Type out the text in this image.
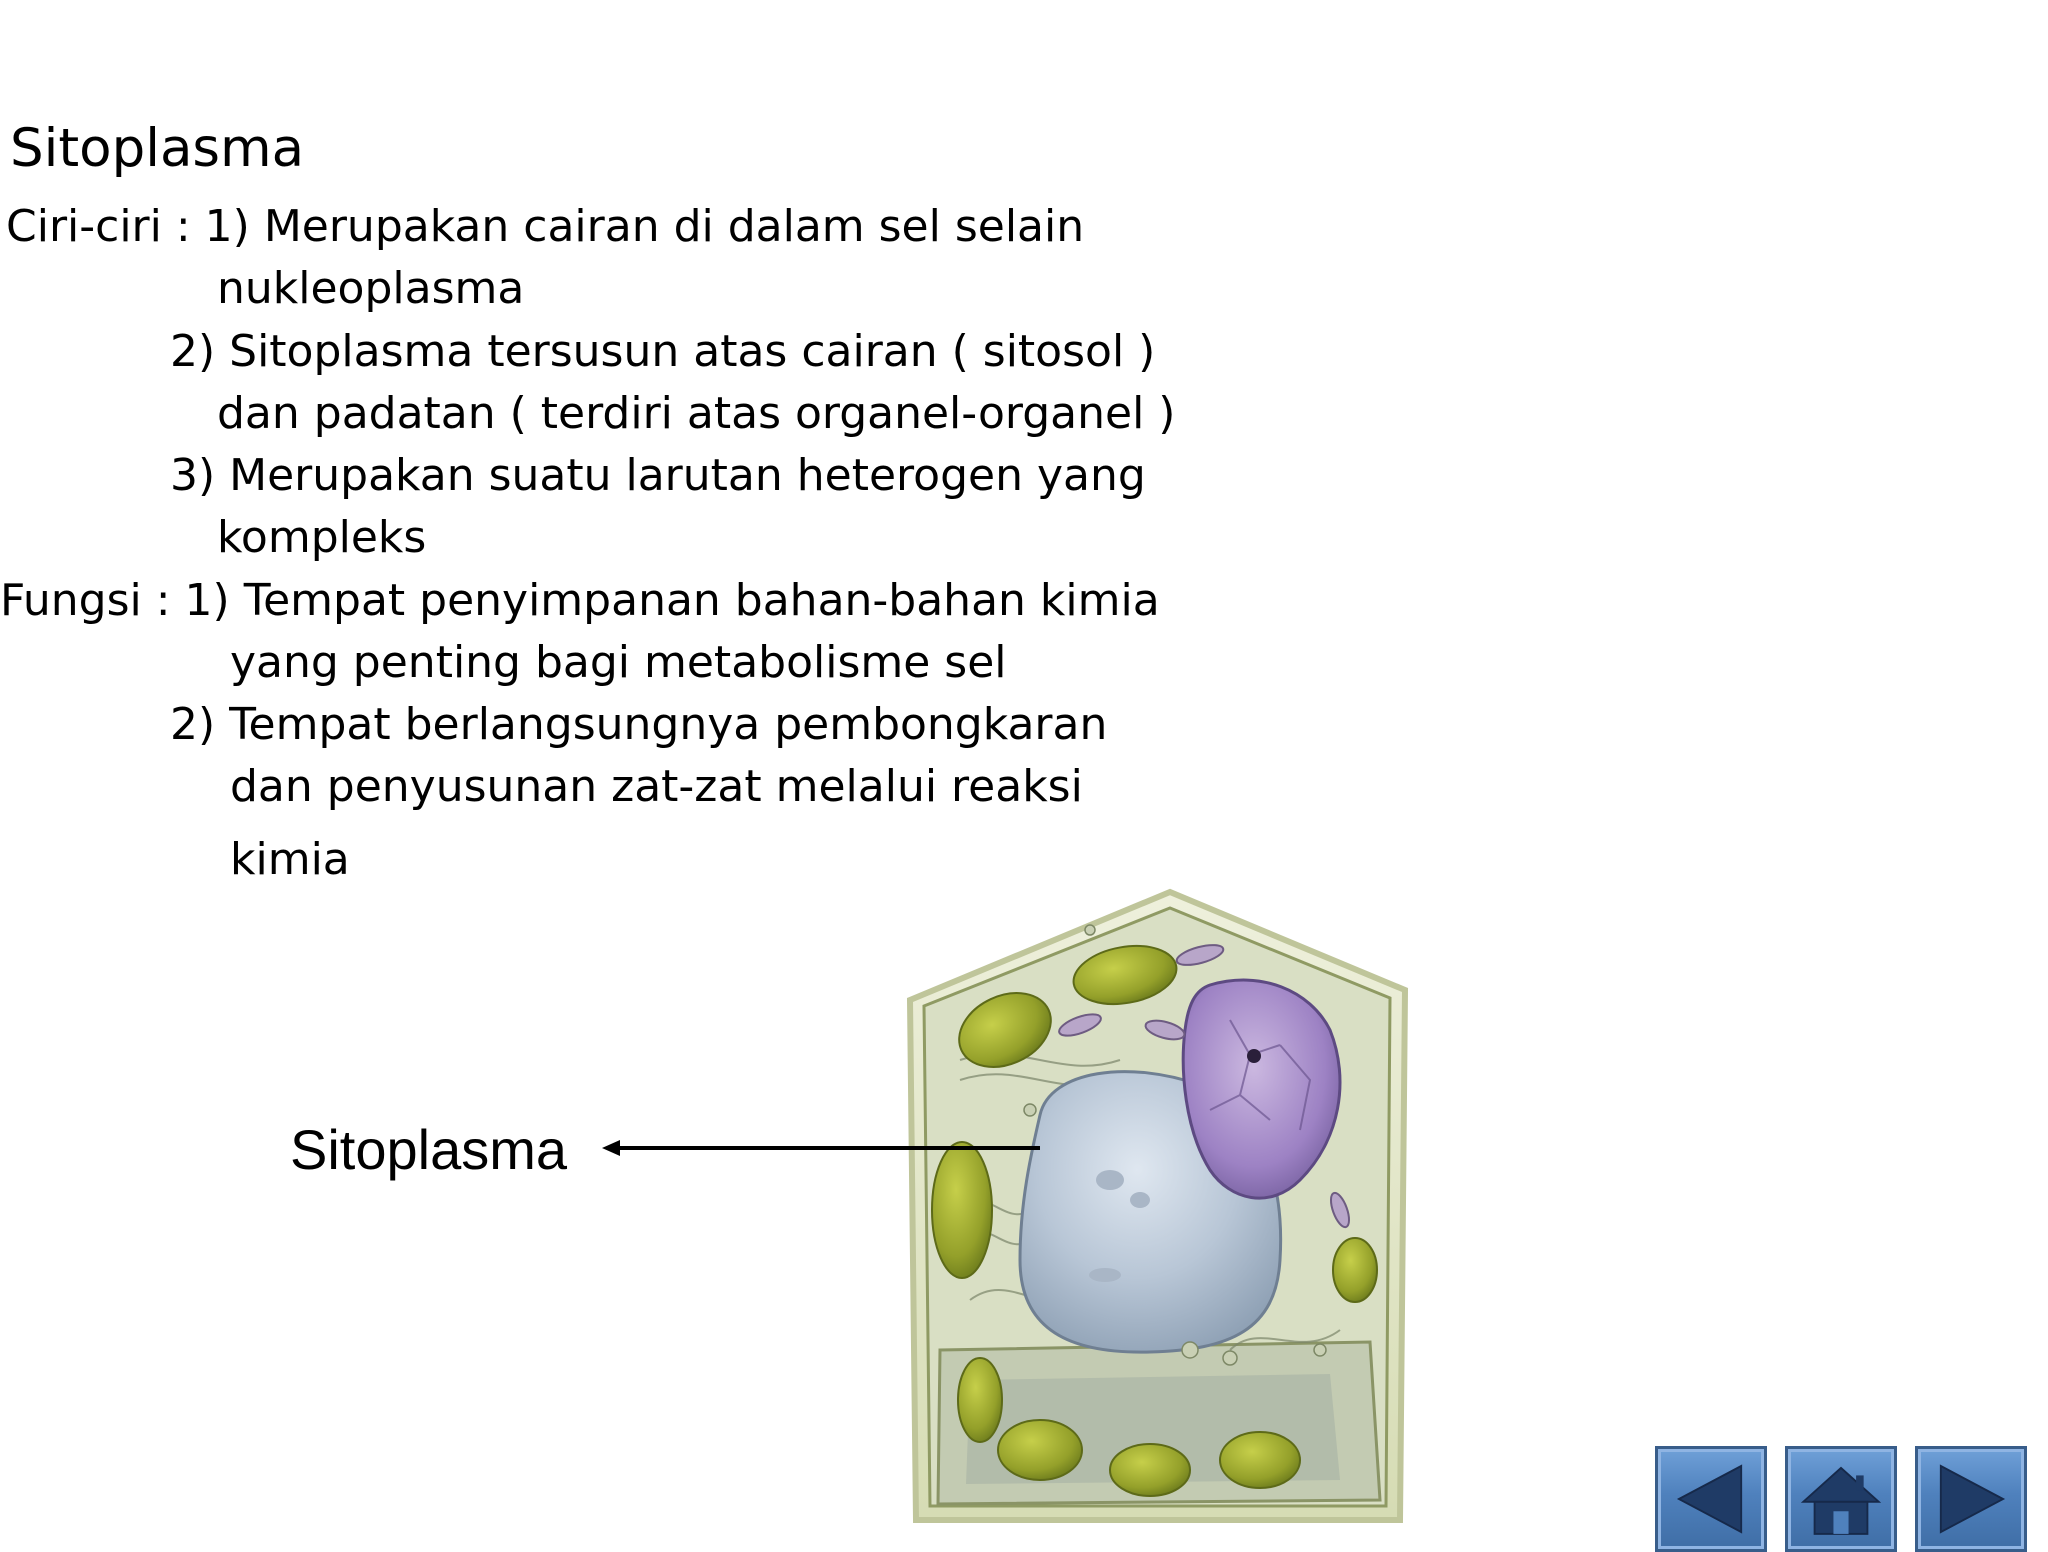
Sitoplasma
Ciri-ciri : 1) Merupakan cairan di dalam sel selain
nukleoplasma
2) Sitoplasma tersusun atas cairan ( sitosol )
dan padatan ( terdiri atas organel-organel )
3) Merupakan suatu larutan heterogen yang
kompleks
Fungsi : 1) Tempat penyimpanan bahan-bahan kimia
yang penting bagi metabolisme sel
2) Tempat berlangsungnya pembongkaran
dan penyusunan zat-zat melalui reaksi
kimia
Sitoplasma
